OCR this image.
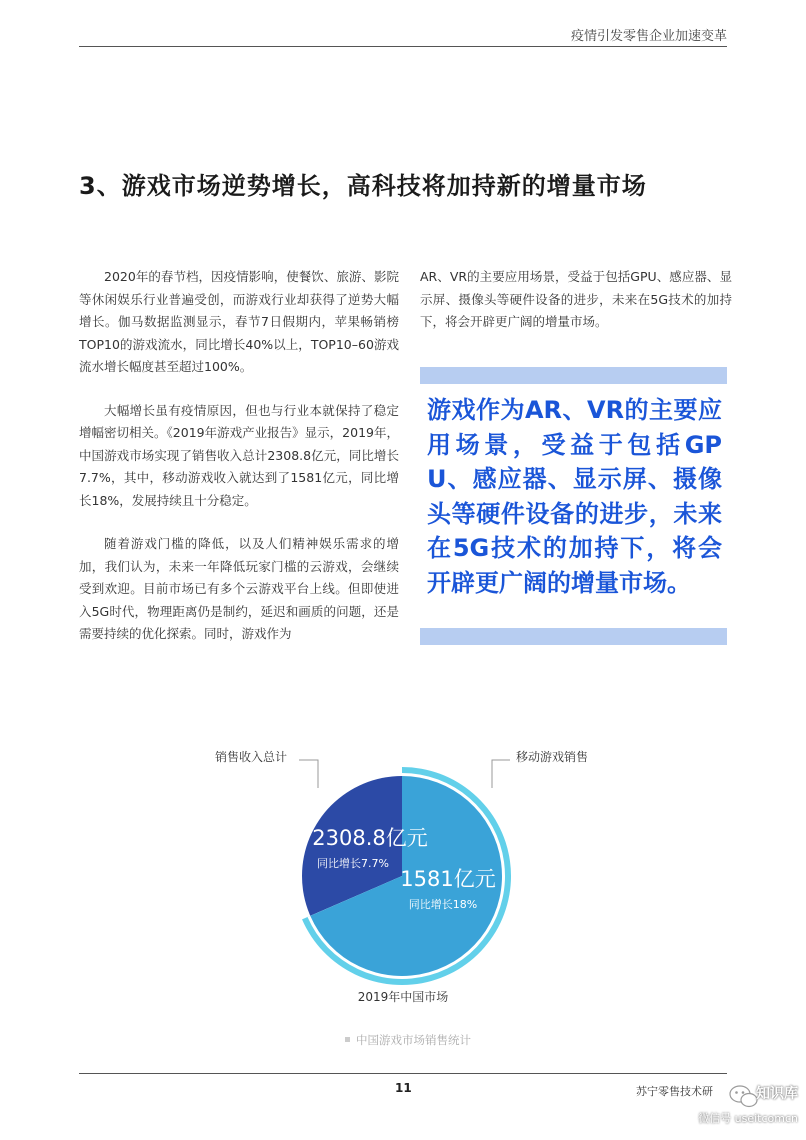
疫情引发零售企业加速变革
3、游戏市场逆势增长，高科技将加持新的增量市场

2020年的春节档，因疫情影响，使餐饮、旅游、影院等休闲娱乐行业普遍受创，而游戏行业却获得了逆势大幅增长。伽马数据监测显示，春节7日假期内，苹果畅销榜TOP10的游戏流水，同比增长40%以上，TOP10–60游戏流水增长幅度甚至超过100%。

大幅增长虽有疫情原因，但也与行业本就保持了稳定增幅密切相关。《2019年游戏产业报告》显示，2019年，中国游戏市场实现了销售收入总计2308.8亿元，同比增长7.7%，其中，移动游戏收入就达到了1581亿元，同比增长18%，发展持续且十分稳定。

随着游戏门槛的降低，以及人们精神娱乐需求的增加，我们认为，未来一年降低玩家门槛的云游戏，会继续受到欢迎。目前市场已有多个云游戏平台上线。但即使进入5G时代，物理距离仍是制约，延迟和画质的问题，还是需要持续的优化探索。同时，游戏作为

AR、VR的主要应用场景，受益于包括GPU、感应器、显示屏、摄像头等硬件设备的进步，未来在5G技术的加持下，将会开辟更广阔的增量市场。

游戏作为AR、VR的主要应用场景，受益于包括GPU、感应器、显示屏、摄像头等硬件设备的进步，未来在5G技术的加持下，将会开辟更广阔的增量市场。
销售收入总计	移动游戏销售
2308.8亿元
同比增长7.7%
1581亿元
同比增长18%
2019年中国市场
中国游戏市场销售统计
11	苏宁零售技术研	知识库
微信号 useitcomcn
